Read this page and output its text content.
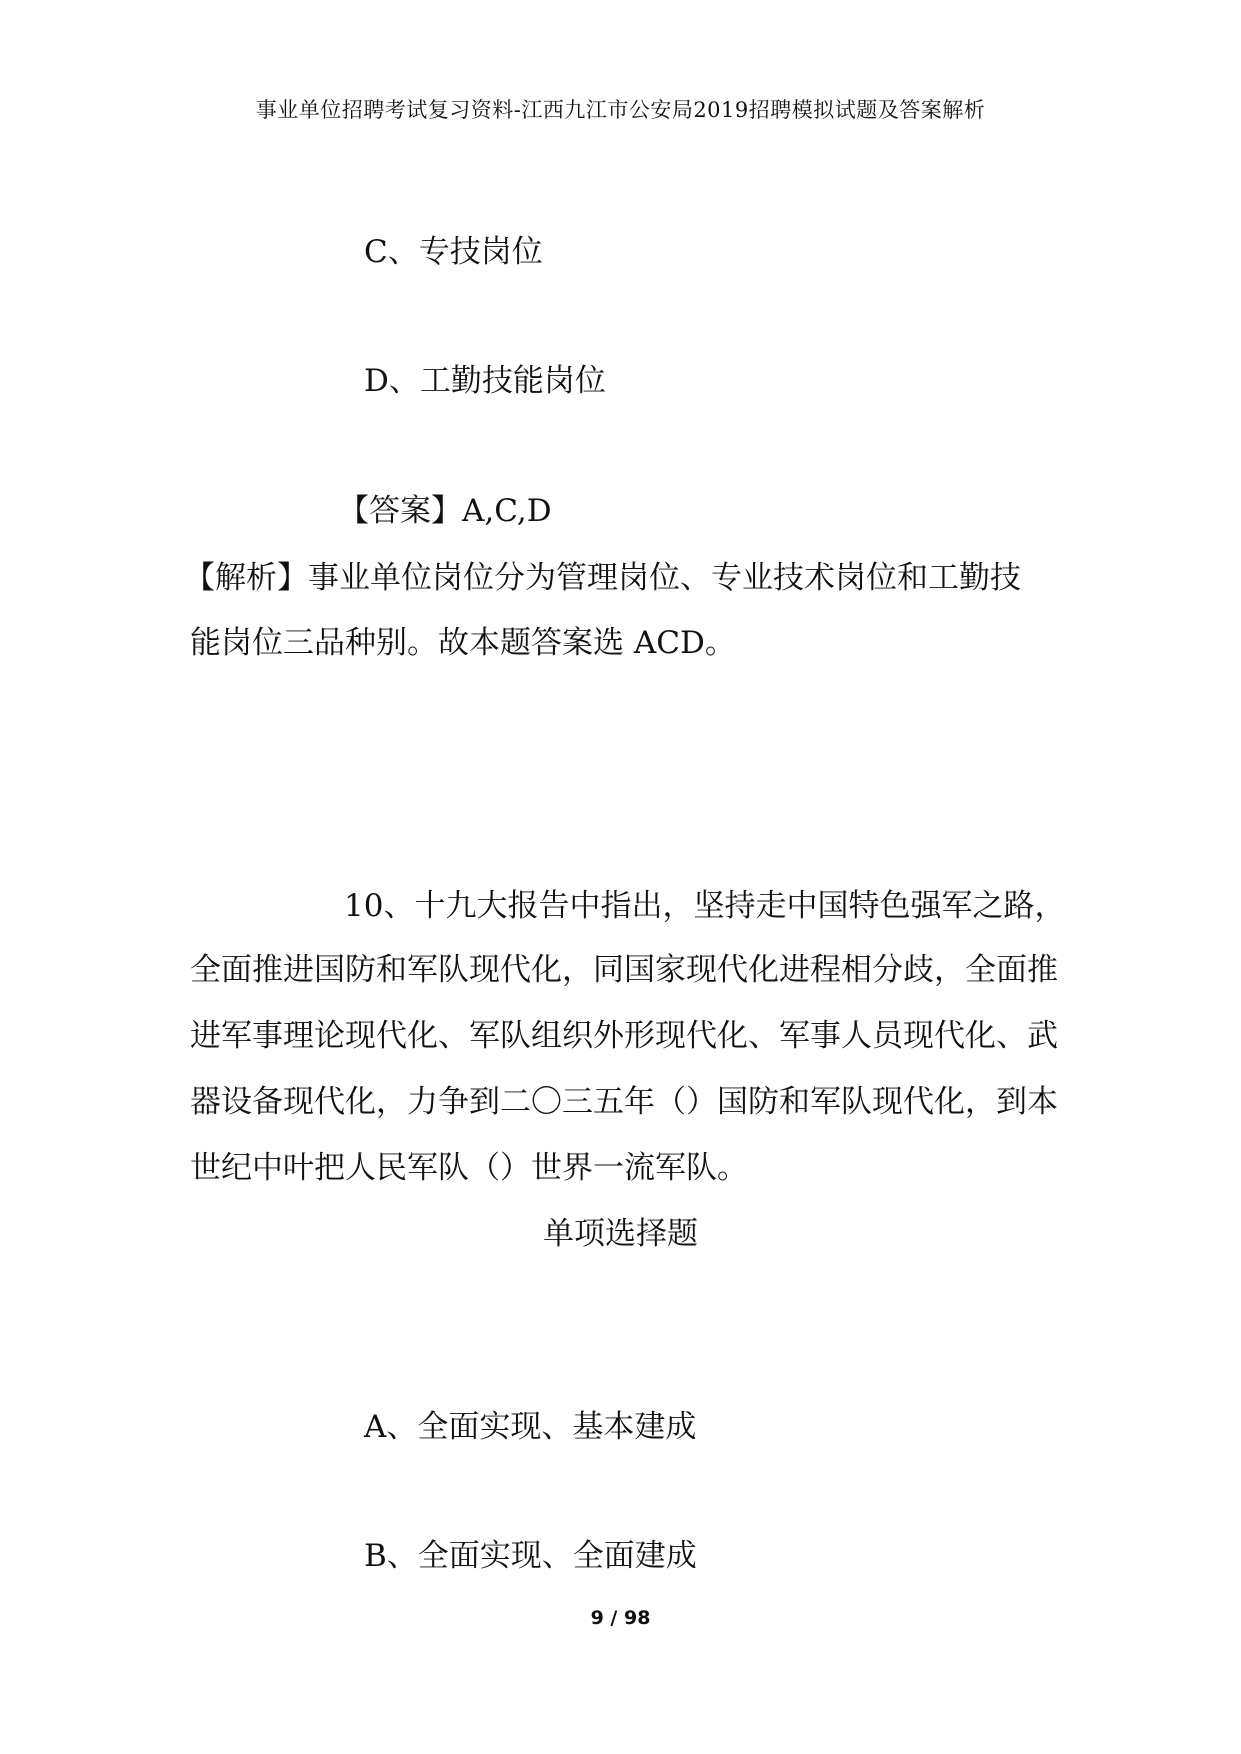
事业单位招聘考试复习资料-江西九江市公安局2019招聘模拟试题及答案解析
C、专技岗位
D、工勤技能岗位
【答案】A,C,D
【解析】事业单位岗位分为管理岗位、专业技术岗位和工勤技
能岗位三品种别。故本题答案选 ACD。
10、十九大报告中指出，坚持走中国特色强军之路，
全面推进国防和军队现代化，同国家现代化进程相分歧，全面推
进军事理论现代化、军队组织外形现代化、军事人员现代化、武
器设备现代化，力争到二〇三五年（）国防和军队现代化，到本
世纪中叶把人民军队（）世界一流军队。
单项选择题
A、全面实现、基本建成
B、全面实现、全面建成
9 / 98
